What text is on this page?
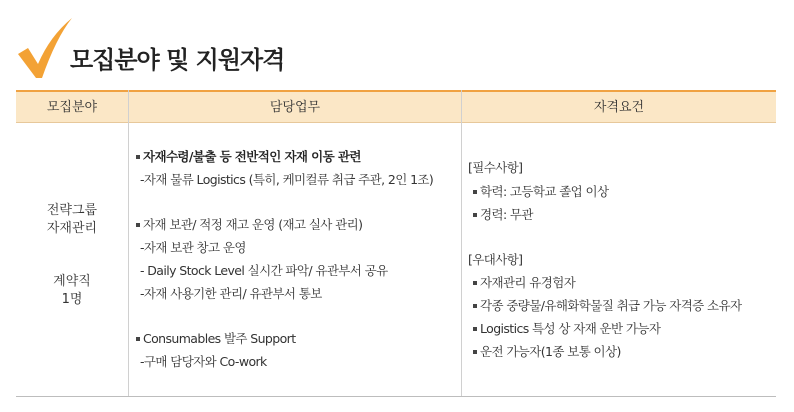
모집분야 및 지원자격
모집분야	담당업무	자격요건
전략그룹
자재관리
계약직
1명
자재수령/불출 등 전반적인 자재 이동 관련
-자재 물류 Logistics (특히, 케미컬류 취급 주관, 2인 1조)
자재 보관/ 적정 재고 운영 (재고 실사 관리)
-자재 보관 창고 운영
- Daily Stock Level 실시간 파악/ 유관부서 공유
-자재 사용기한 관리/ 유관부서 통보
Consumables 발주 Support
-구매 담당자와 Co-work
[필수사항]
학력: 고등학교 졸업 이상
경력: 무관
[우대사항]
자재관리 유경험자
각종 중량물/유해화학물질 취급 가능 자격증 소유자
Logistics 특성 상 자재 운반 가능자
운전 가능자(1종 보통 이상)
